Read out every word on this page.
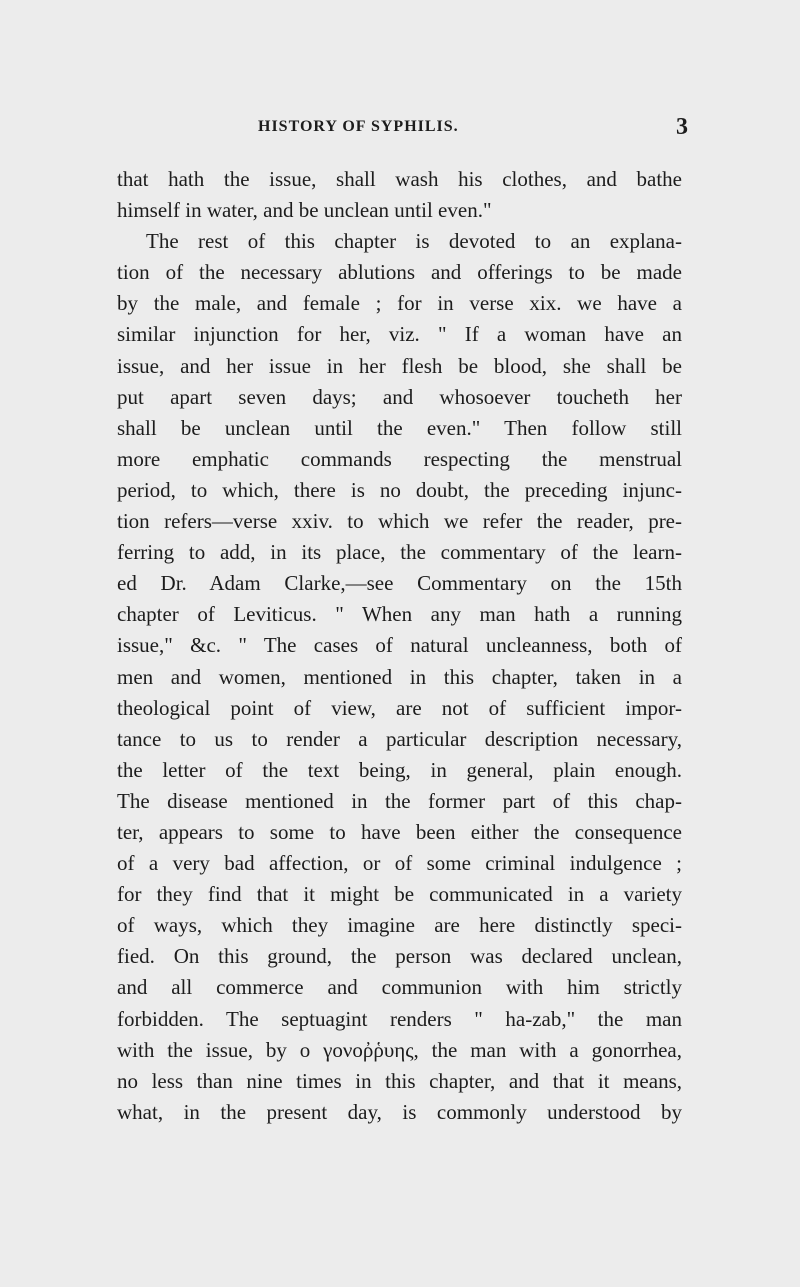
HISTORY OF SYPHILIS.	3
that hath the issue, shall wash his clothes, and bathe
himself in water, and be unclean until even."
The rest of this chapter is devoted to an explana-
tion of the necessary ablutions and offerings to be made
by the male, and female ; for in verse xix. we have a
similar injunction for her, viz. " If a woman have an
issue, and her issue in her flesh be blood, she shall be
put apart seven days; and whosoever toucheth her
shall be unclean until the even." Then follow still
more emphatic commands respecting the menstrual
period, to which, there is no doubt, the preceding injunc-
tion refers—verse xxiv. to which we refer the reader, pre-
ferring to add, in its place, the commentary of the learn-
ed Dr. Adam Clarke,—see Commentary on the 15th
chapter of Leviticus. " When any man hath a running
issue," &c. " The cases of natural uncleanness, both of
men and women, mentioned in this chapter, taken in a
theological point of view, are not of sufficient impor-
tance to us to render a particular description necessary,
the letter of the text being, in general, plain enough.
The disease mentioned in the former part of this chap-
ter, appears to some to have been either the consequence
of a very bad affection, or of some criminal indulgence ;
for they find that it might be communicated in a variety
of ways, which they imagine are here distinctly speci-
fied. On this ground, the person was declared unclean,
and all commerce and communion with him strictly
forbidden. The septuagint renders " ha-zab," the man
with the issue, by ο γονοῤῥυης, the man with a gonorrhea,
no less than nine times in this chapter, and that it means,
what, in the present day, is commonly understood by
